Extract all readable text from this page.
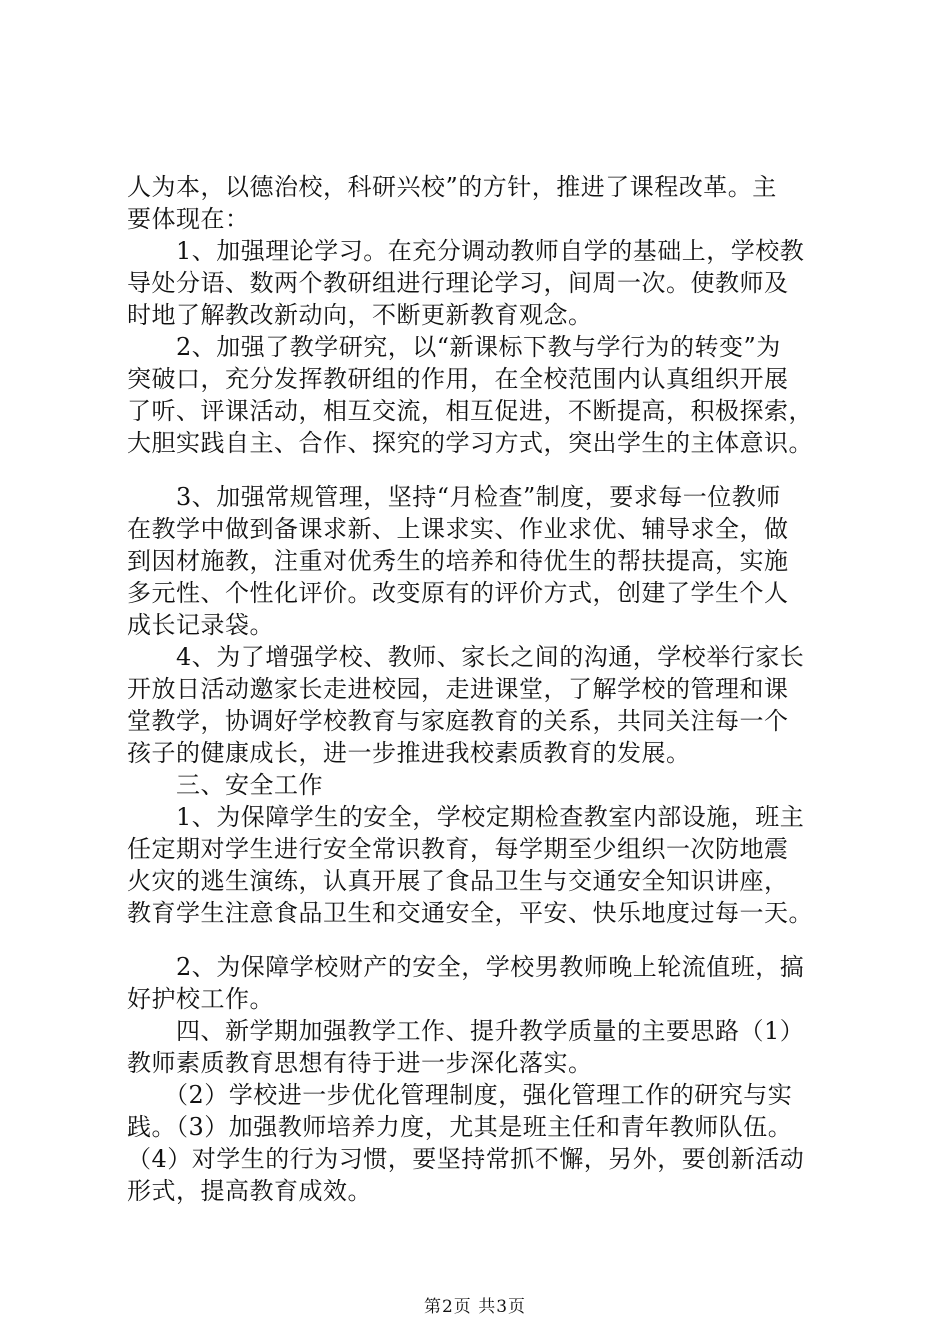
人为本，以德治校，科研兴校”的方针，推进了课程改革。主
要体现在：
　　1、加强理论学习。在充分调动教师自学的基础上，学校教
导处分语、数两个教研组进行理论学习，间周一次。使教师及
时地了解教改新动向，不断更新教育观念。
　　2、加强了教学研究，以“新课标下教与学行为的转变”为
突破口，充分发挥教研组的作用，在全校范围内认真组织开展
了听、评课活动，相互交流，相互促进，不断提高，积极探索，
大胆实践自主、合作、探究的学习方式，突出学生的主体意识。
　　3、加强常规管理，坚持“月检查”制度，要求每一位教师
在教学中做到备课求新、上课求实、作业求优、辅导求全，做
到因材施教，注重对优秀生的培养和待优生的帮扶提高，实施
多元性、个性化评价。改变原有的评价方式，创建了学生个人
成长记录袋。
　　4、为了增强学校、教师、家长之间的沟通，学校举行家长
开放日活动邀家长走进校园，走进课堂，了解学校的管理和课
堂教学，协调好学校教育与家庭教育的关系，共同关注每一个
孩子的健康成长，进一步推进我校素质教育的发展。
　　三、安全工作
　　1、为保障学生的安全，学校定期检查教室内部设施，班主
任定期对学生进行安全常识教育，每学期至少组织一次防地震
火灾的逃生演练，认真开展了食品卫生与交通安全知识讲座，
教育学生注意食品卫生和交通安全，平安、快乐地度过每一天。
　　2、为保障学校财产的安全，学校男教师晚上轮流值班，搞
好护校工作。
　　四、新学期加强教学工作、提升教学质量的主要思路（1）
教师素质教育思想有待于进一步深化落实。
　　（2）学校进一步优化管理制度，强化管理工作的研究与实
践。（3）加强教师培养力度，尤其是班主任和青年教师队伍。
（4）对学生的行为习惯，要坚持常抓不懈，另外，要创新活动
形式，提高教育成效。
第2页 共3页
